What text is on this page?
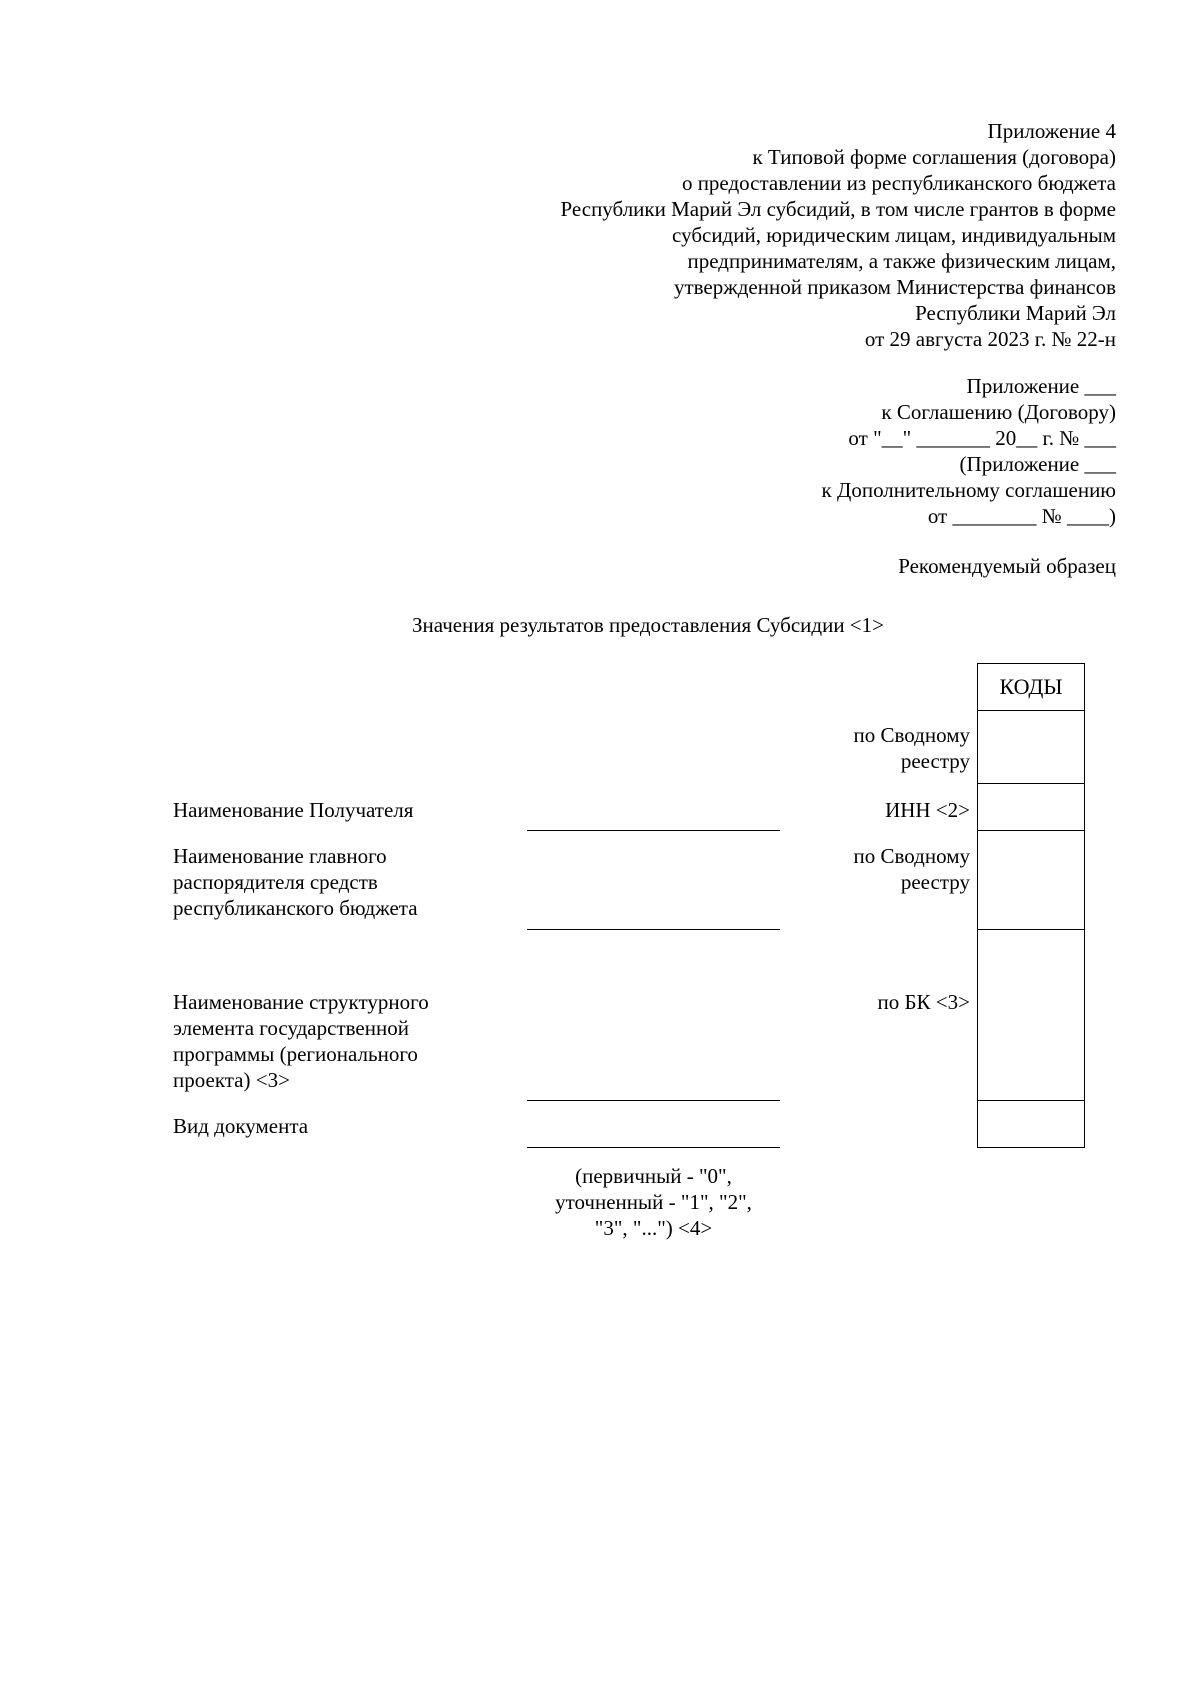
Приложение 4
к Типовой форме соглашения (договора)
о предоставлении из республиканского бюджета
Республики Марий Эл субсидий, в том числе грантов в форме
субсидий, юридическим лицам, индивидуальным
предпринимателям, а также физическим лицам,
утвержденной приказом Министерства финансов
Республики Марий Эл
от 29 августа 2023 г. № 22-н
Приложение ___
к Соглашению (Договору)
от "__" _______ 20__ г. № ___
(Приложение ___
к Дополнительному соглашению
от ________ № ____)
Рекомендуемый образец
Значения результатов предоставления Субсидии <1>
КОДЫ
по Сводному
реестру
ИНН <2>
по Сводному
реестру
по БК <3>
Наименование Получателя
Наименование главного
распорядителя средств
республиканского бюджета
Наименование структурного
элемента государственной
программы (регионального
проекта) <3>
Вид документа
(первичный - "0",
уточненный - "1", "2",
"3", "...") <4>
